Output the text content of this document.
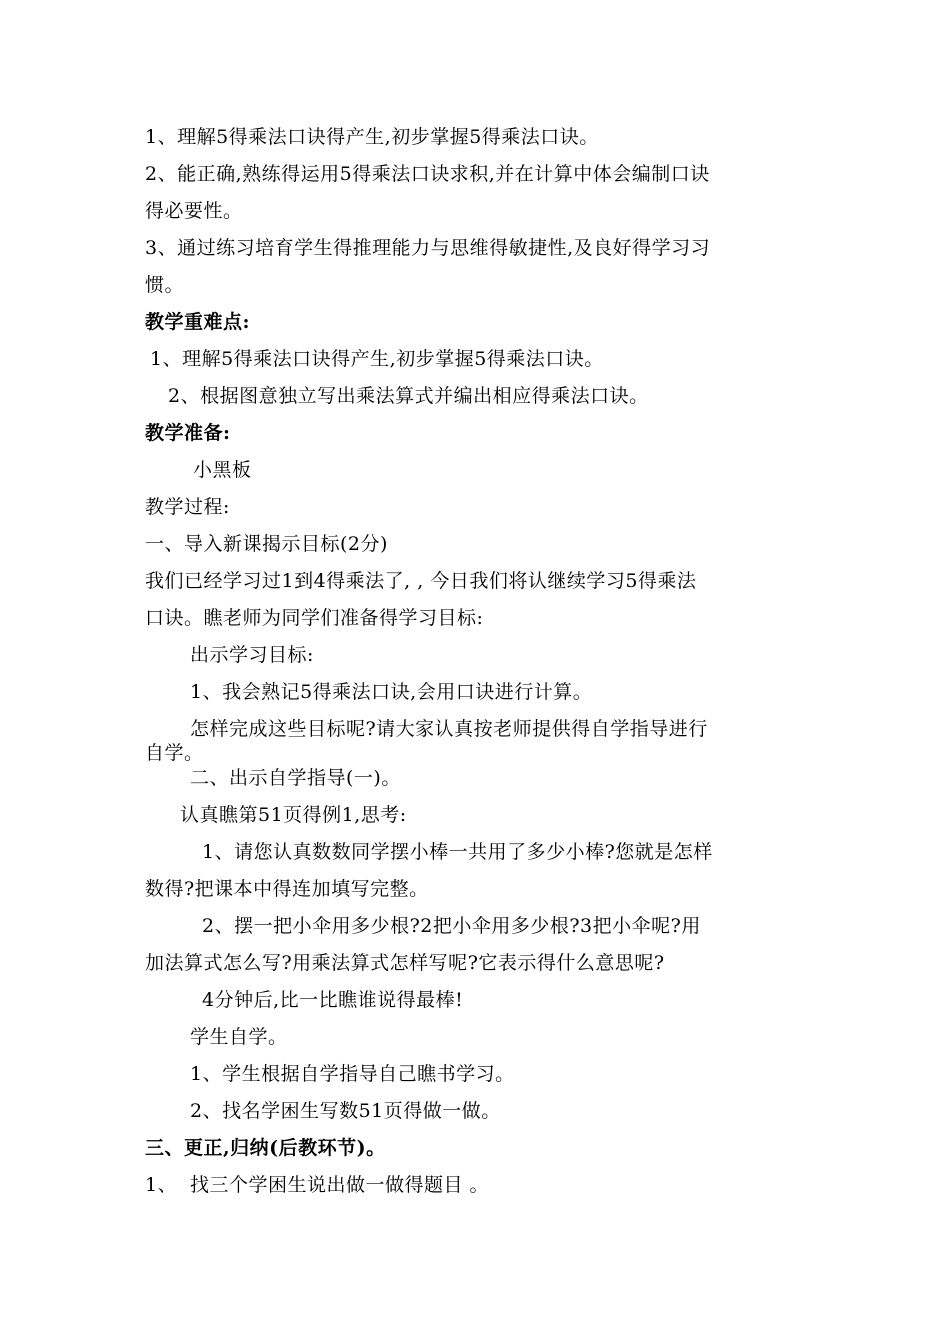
1、理解5得乘法口诀得产生,初步掌握5得乘法口诀。
2、能正确,熟练得运用5得乘法口诀求积,并在计算中体会编制口诀
得必要性。
3、通过练习培育学生得推理能力与思维得敏捷性,及良好得学习习
惯。
教学重难点:
1、理解5得乘法口诀得产生,初步掌握5得乘法口诀。
2、根据图意独立写出乘法算式并编出相应得乘法口诀。
教学准备:
小黑板
教学过程:
一、导入新课揭示目标(2分)
我们已经学习过1到4得乘法了, , 今日我们将认继续学习5得乘法
口诀。瞧老师为同学们准备得学习目标:
出示学习目标:
1、我会熟记5得乘法口诀,会用口诀进行计算。
怎样完成这些目标呢?请大家认真按老师提供得自学指导进行
自学。
二、出示自学指导(一)。
认真瞧第51页得例1,思考:
1、请您认真数数同学摆小棒一共用了多少小棒?您就是怎样
数得?把课本中得连加填写完整。
2、摆一把小伞用多少根?2把小伞用多少根?3把小伞呢?用
加法算式怎么写?用乘法算式怎样写呢?它表示得什么意思呢?
4分钟后,比一比瞧谁说得最棒!
学生自学。
1、学生根据自学指导自己瞧书学习。
2、找名学困生写数51页得做一做。
三、更正,归纳(后教环节)。
1、 找三个学困生说出做一做得题目 。
